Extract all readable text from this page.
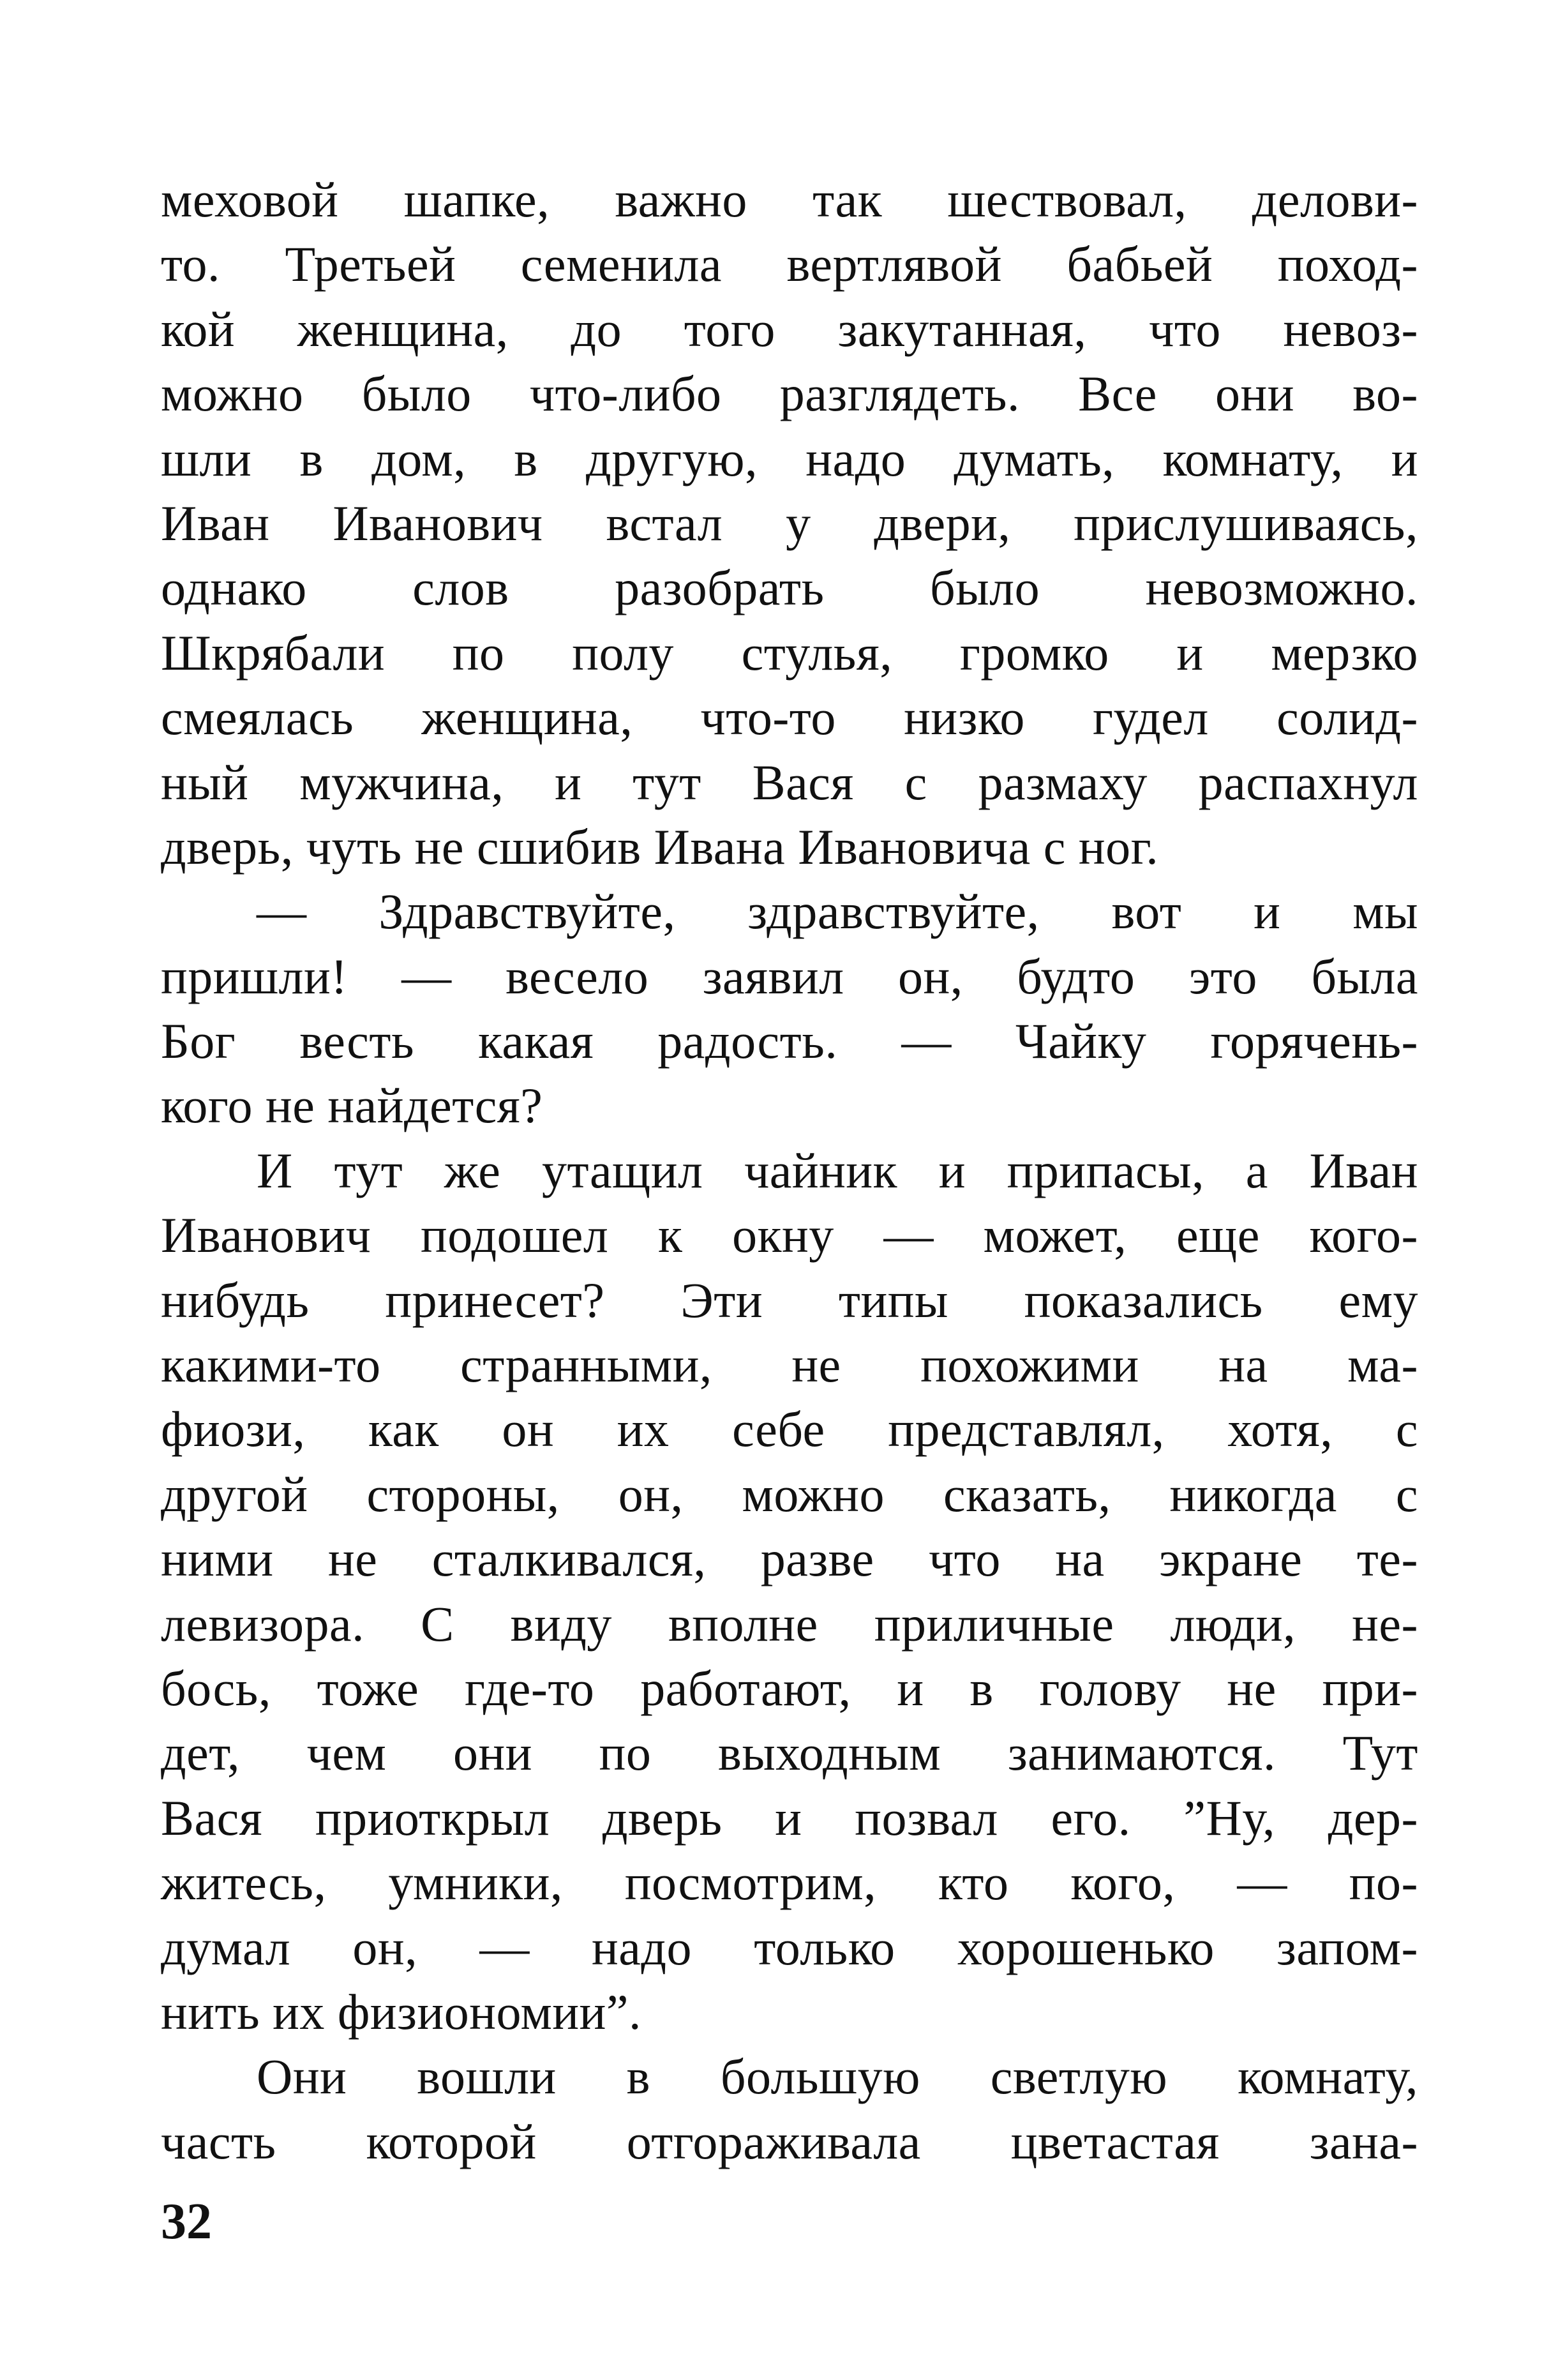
меховой шапке, важно так шествовал, делови-
то. Третьей семенила вертлявой бабьей поход-
кой женщина, до того закутанная, что невоз-
можно было что-либо разглядеть. Все они во-
шли в дом, в другую, надо думать, комнату, и
Иван Иванович встал у двери, прислушиваясь,
однако слов разобрать было невозможно.
Шкрябали по полу стулья, громко и мерзко
смеялась женщина, что-то низко гудел солид-
ный мужчина, и тут Вася с размаху распахнул
дверь, чуть не сшибив Ивана Ивановича с ног.
— Здравствуйте, здравствуйте, вот и мы
пришли! — весело заявил он, будто это была
Бог весть какая радость. — Чайку горячень-
кого не найдется?
И тут же утащил чайник и припасы, а Иван
Иванович подошел к окну — может, еще кого-
нибудь принесет? Эти типы показались ему
какими-то странными, не похожими на ма-
фиози, как он их себе представлял, хотя, с
другой стороны, он, можно сказать, никогда с
ними не сталкивался, разве что на экране те-
левизора. С виду вполне приличные люди, не-
бось, тоже где-то работают, и в голову не при-
дет, чем они по выходным занимаются. Тут
Вася приоткрыл дверь и позвал его. ”Ну, дер-
житесь, умники, посмотрим, кто кого, — по-
думал он, — надо только хорошенько запом-
нить их физиономии”.
Они вошли в большую светлую комнату,
часть которой отгораживала цветастая зана-
32
